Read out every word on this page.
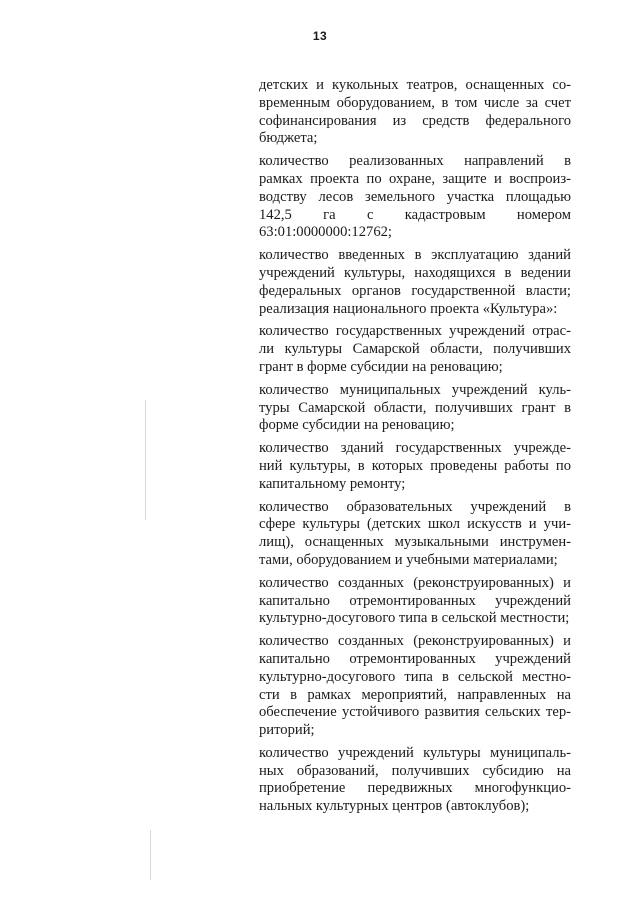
13

детских и кукольных театров, оснащенных со-
временным оборудованием, в том числе за счет
софинансирования из средств федерального
бюджета;

количество реализованных направлений в
рамках проекта по охране, защите и воспроиз-
водству лесов земельного участка площадью
142,5 га с кадастровым номером
63:01:0000000:12762;

количество введенных в эксплуатацию зданий
учреждений культуры, находящихся в ведении
федеральных органов государственной власти;
реализация национального проекта «Культура»:

количество государственных учреждений отрас-
ли культуры Самарской области, получивших
грант в форме субсидии на реновацию;

количество муниципальных учреждений куль-
туры Самарской области, получивших грант в
форме субсидии на реновацию;

количество зданий государственных учрежде-
ний культуры, в которых проведены работы по
капитальному ремонту;

количество образовательных учреждений в
сфере культуры (детских школ искусств и учи-
лищ), оснащенных музыкальными инструмен-
тами, оборудованием и учебными материалами;

количество созданных (реконструированных) и
капитально отремонтированных учреждений
культурно-досугового типа в сельской местности;

количество созданных (реконструированных) и
капитально отремонтированных учреждений
культурно-досугового типа в сельской местно-
сти в рамках мероприятий, направленных на
обеспечение устойчивого развития сельских тер-
риторий;

количество учреждений культуры муниципаль-
ных образований, получивших субсидию на
приобретение передвижных многофункцио-
нальных культурных центров (автоклубов);
